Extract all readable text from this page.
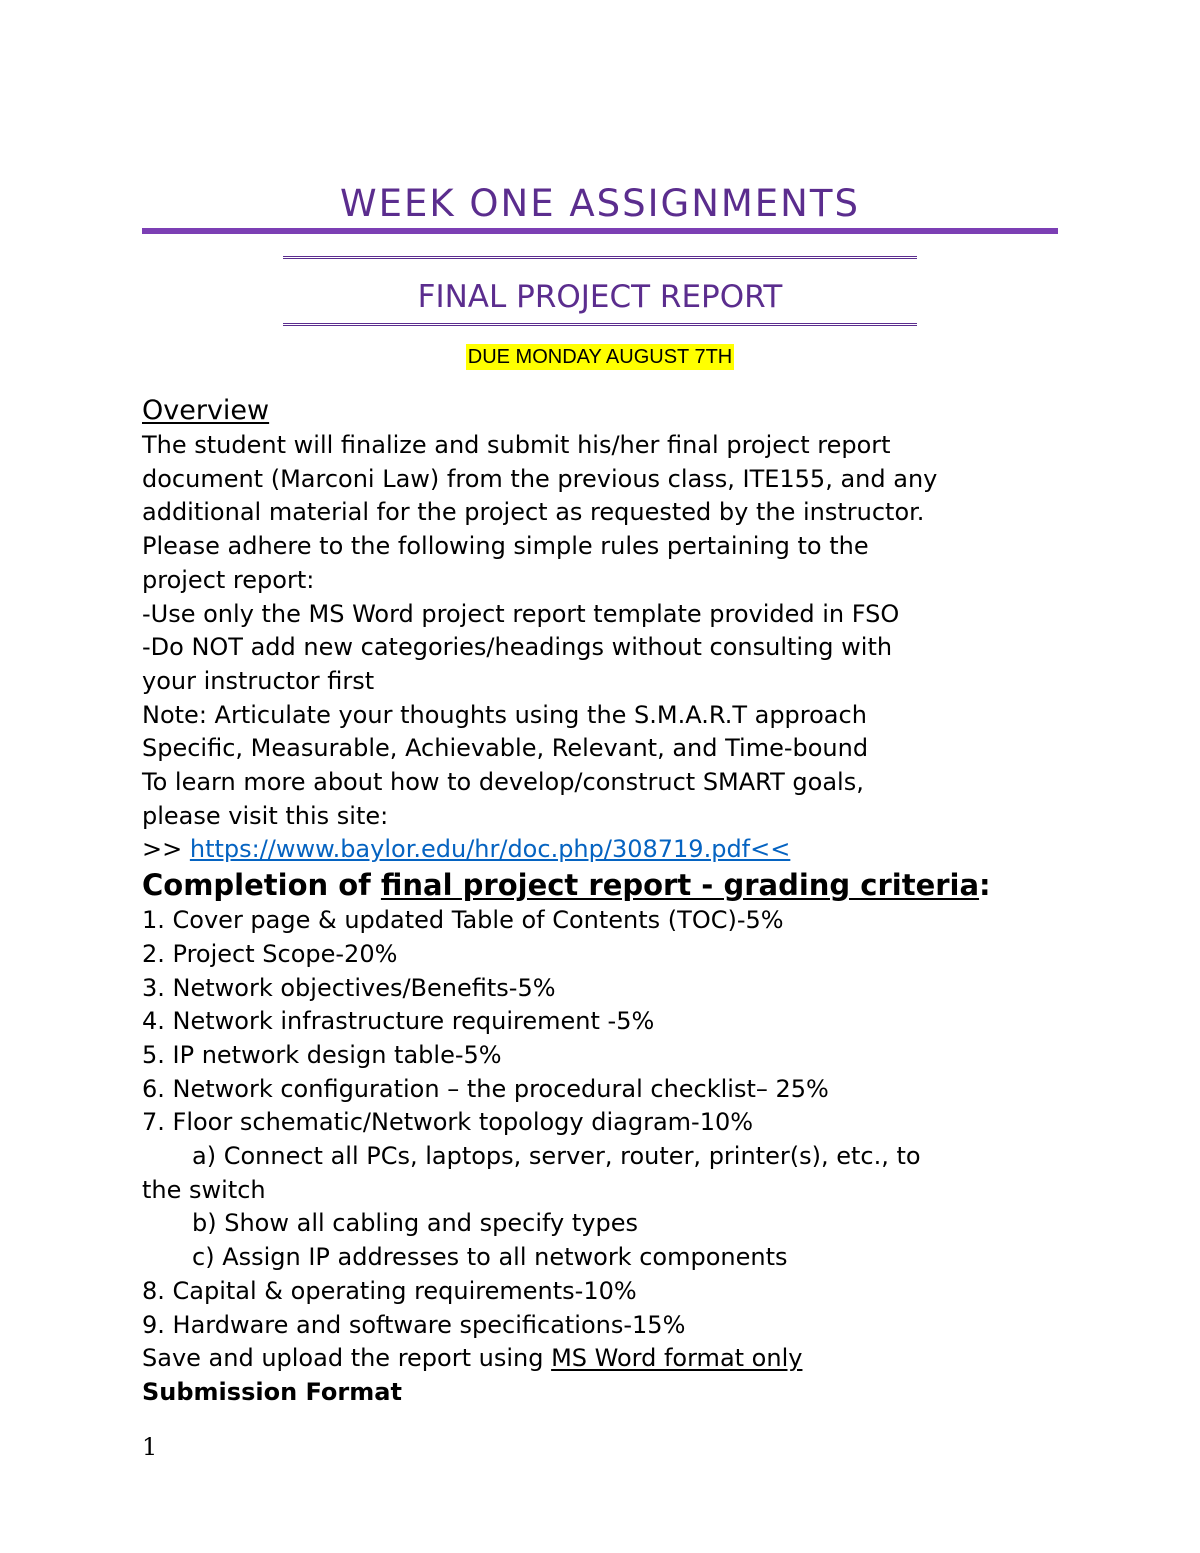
WEEK ONE ASSIGNMENTS
FINAL PROJECT REPORT
DUE MONDAY AUGUST 7TH
Overview
The student will finalize and submit his/her final project report
document (Marconi Law) from the previous class, ITE155, and any
additional material for the project as requested by the instructor.
Please adhere to the following simple rules pertaining to the
project report:
-Use only the MS Word project report template provided in FSO
-Do NOT add new categories/headings without consulting with
your instructor first
Note: Articulate your thoughts using the S.M.A.R.T approach
Specific, Measurable, Achievable, Relevant, and Time-bound
To learn more about how to develop/construct SMART goals,
please visit this site:
>> https://www.baylor.edu/hr/doc.php/308719.pdf<<
Completion of final project report - grading criteria:
1. Cover page & updated Table of Contents (TOC)-5%
2. Project Scope-20%
3. Network objectives/Benefits-5%
4. Network infrastructure requirement -5%
5. IP network design table-5%
6. Network configuration – the procedural checklist– 25%
7. Floor schematic/Network topology diagram-10%
a) Connect all PCs, laptops, server, router, printer(s), etc., to
the switch
b) Show all cabling and specify types
c) Assign IP addresses to all network components
8. Capital & operating requirements-10%
9. Hardware and software specifications-15%
Save and upload the report using MS Word format only
Submission Format
1
